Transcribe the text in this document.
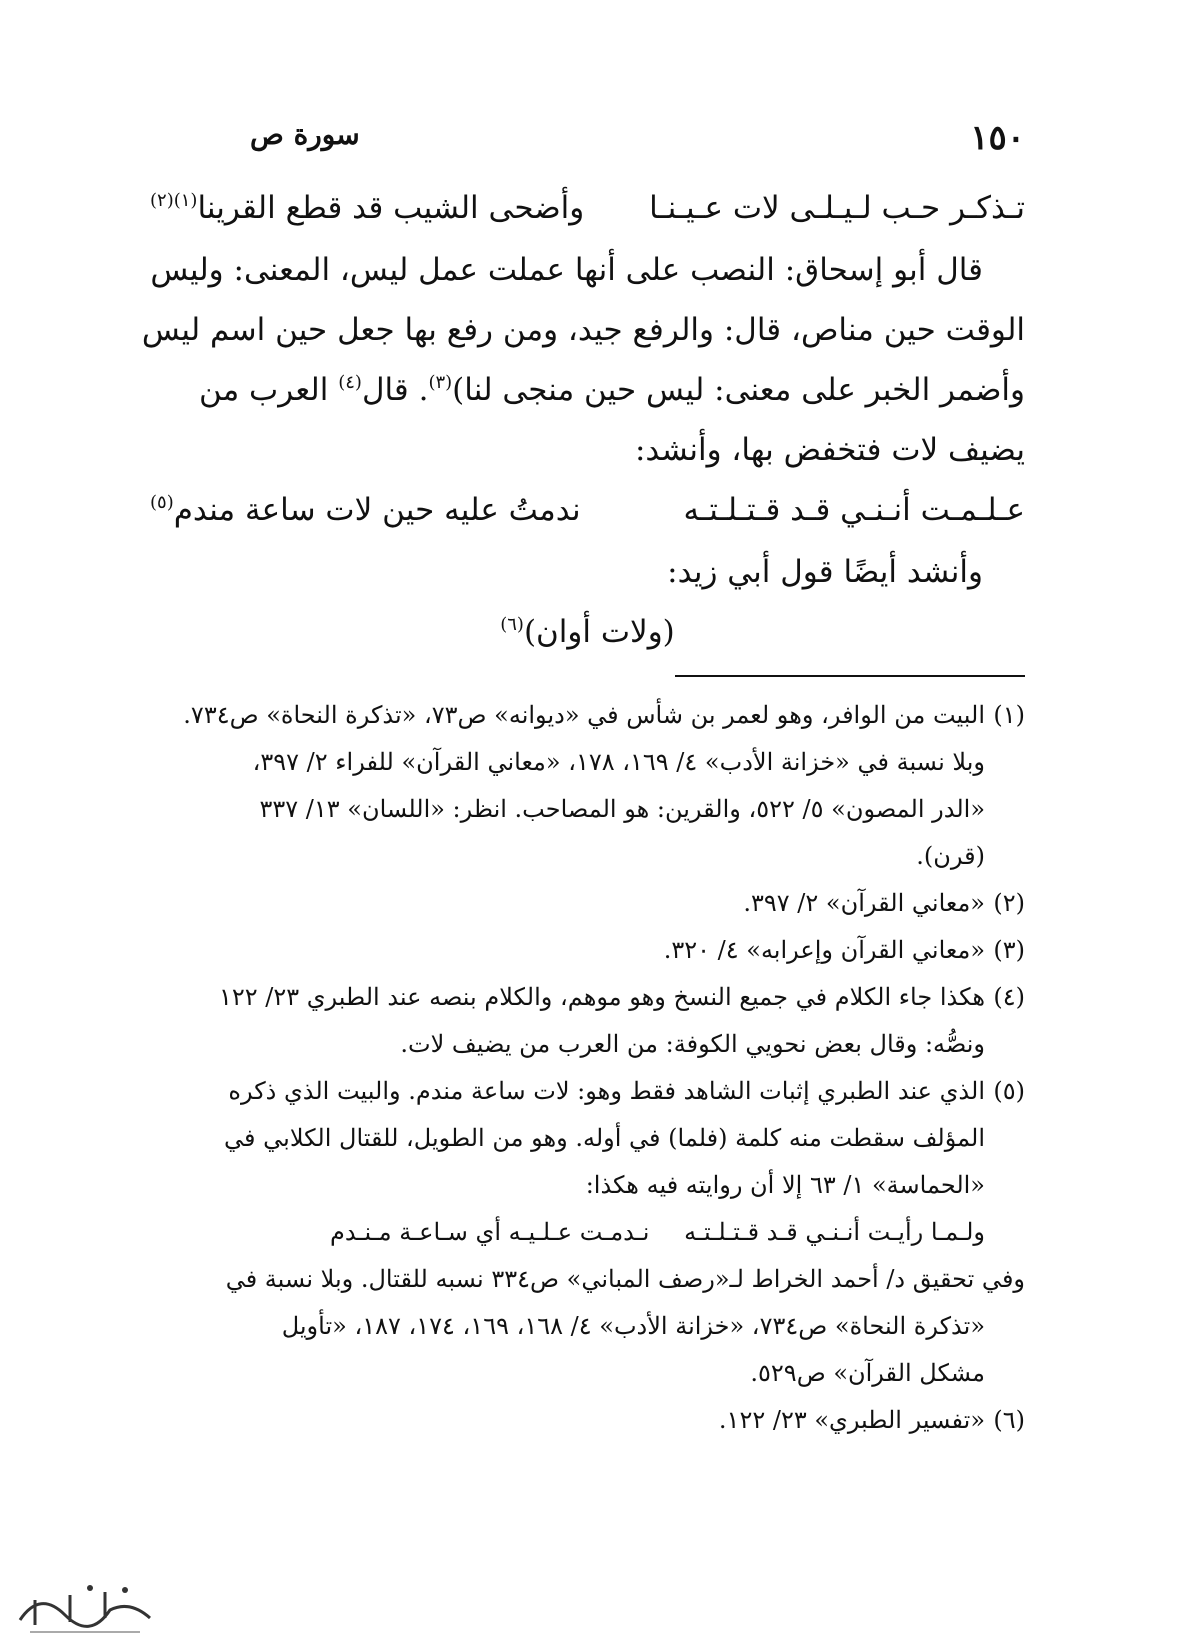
١٥٠
سورة ص
تـذكـر حـب لـيـلـى لات عـيـنـا
وأضحى الشيب قد قطع القرينا$^{(١)(٢)}$
قال أبو إسحاق: النصب على أنها عملت عمل ليس، المعنى: وليس
الوقت حين مناص، قال: والرفع جيد، ومن رفع بها جعل حين اسم ليس
وأضمر الخبر على معنى: ليس حين منجى لنا)$^{(٣)}$. قال$^{(٤)}$ العرب من
يضيف لات فتخفض بها، وأنشد:
عـلـمـت أنـنـي قـد قـتـلـتـه
ندمتُ عليه حين لات ساعة مندم$^{(٥)}$
وأنشد أيضًا قول أبي زيد:
(ولات أوان)$^{(٦)}$
(١)البيت من الوافر، وهو لعمر بن شأس في «ديوانه» ص٧٣، «تذكرة النحاة» ص٧٣٤.
وبلا نسبة في «خزانة الأدب» ٤/ ١٦٩، ١٧٨، «معاني القرآن» للفراء ٢/ ٣٩٧،
«الدر المصون» ٥/ ٥٢٢، والقرين: هو المصاحب. انظر: «اللسان» ١٣/ ٣٣٧
(قرن).
(٢)«معاني القرآن» ٢/ ٣٩٧.
(٣)«معاني القرآن وإعرابه» ٤/ ٣٢٠.
(٤)هكذا جاء الكلام في جميع النسخ وهو موهم، والكلام بنصه عند الطبري ٢٣/ ١٢٢
ونصُّه: وقال بعض نحويي الكوفة: من العرب من يضيف لات.
(٥)الذي عند الطبري إثبات الشاهد فقط وهو: لات ساعة مندم. والبيت الذي ذكره
المؤلف سقطت منه كلمة (فلما) في أوله. وهو من الطويل، للقتال الكلابي في
«الحماسة» ١/ ٦٣ إلا أن روايته فيه هكذا:
ولـمـا رأيـت أنـنـي قـد قـتـلـتـه
نـدمـت عـلـيـه أي سـاعـة مـنـدم
وفي تحقيق د/ أحمد الخراط لـ«رصف المباني» ص٣٣٤ نسبه للقتال. وبلا نسبة في
«تذكرة النحاة» ص٧٣٤، «خزانة الأدب» ٤/ ١٦٨، ١٦٩، ١٧٤، ١٨٧، «تأويل
مشكل القرآن» ص٥٢٩.
(٦)«تفسير الطبري» ٢٣/ ١٢٢.
